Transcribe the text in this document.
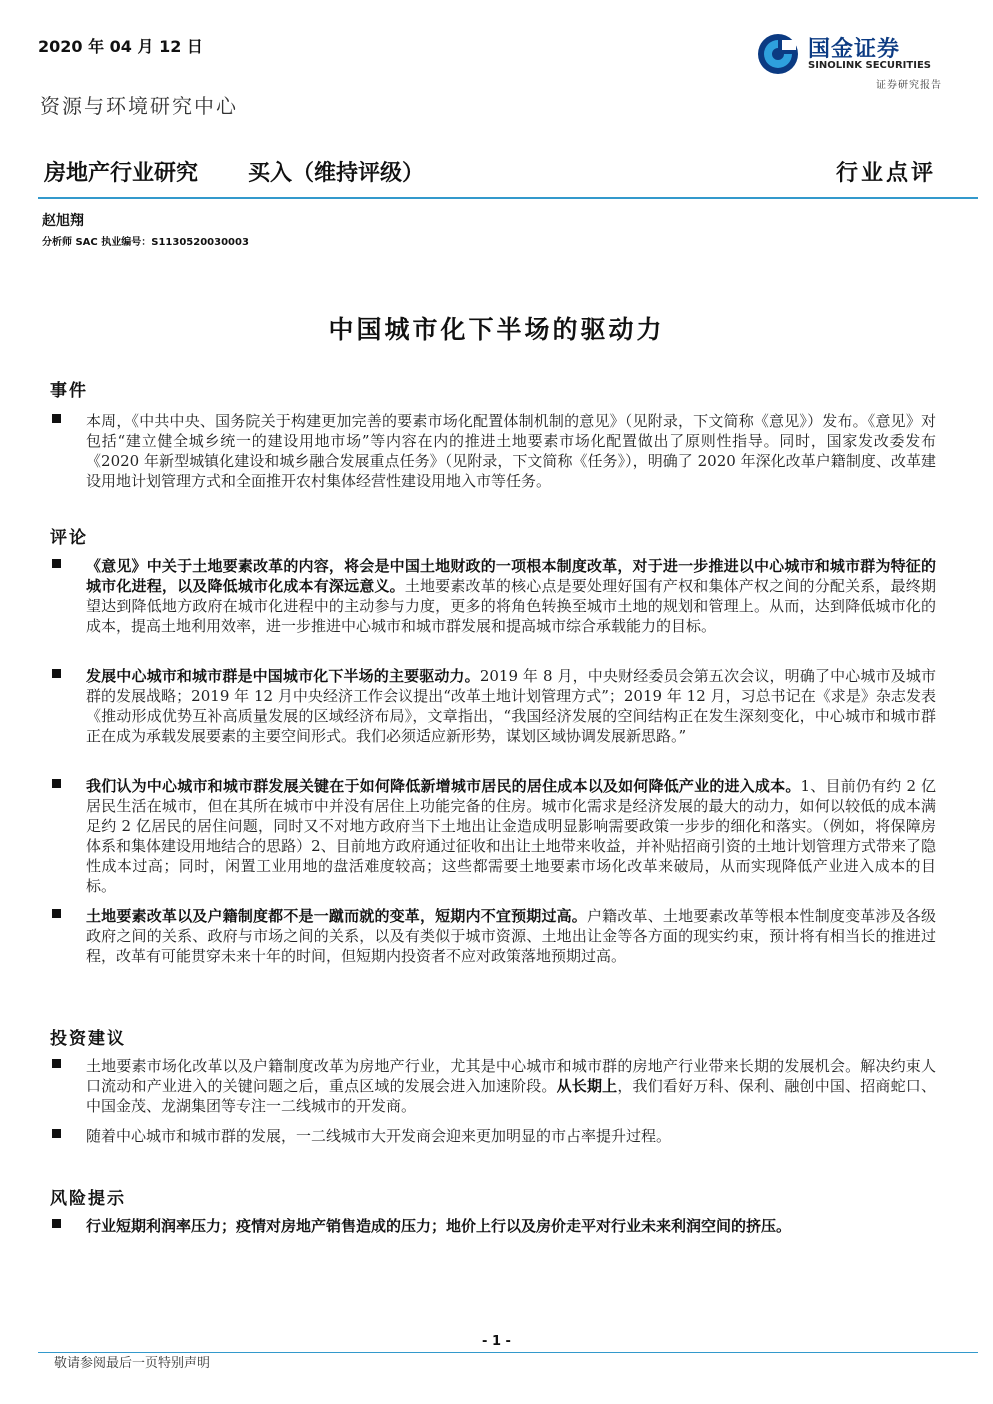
2020 年 04 月 12 日	国金证券
SINOLINK SECURITIES
证券研究报告
资源与环境研究中心
房地产行业研究 买入（维持评级）	行业点评
赵旭翔
分析师 SAC 执业编号：S1130520030003
中国城市化下半场的驱动力
事件
本周，《中共中央、国务院关于构建更加完善的要素市场化配置体制机制的意见》（见附录，下文简称《意见》）发布。《意见》对包括“建立健全城乡统一的建设用地市场”等内容在内的推进土地要素市场化配置做出了原则性指导。同时，国家发改委发布《2020 年新型城镇化建设和城乡融合发展重点任务》（见附录，下文简称《任务》），明确了 2020 年深化改革户籍制度、改革建设用地计划管理方式和全面推开农村集体经营性建设用地入市等任务。
评论
《意见》中关于土地要素改革的内容，将会是中国土地财政的一项根本制度改革，对于进一步推进以中心城市和城市群为特征的城市化进程，以及降低城市化成本有深远意义。土地要素改革的核心点是要处理好国有产权和集体产权之间的分配关系，最终期望达到降低地方政府在城市化进程中的主动参与力度，更多的将角色转换至城市土地的规划和管理上。从而，达到降低城市化的成本，提高土地利用效率，进一步推进中心城市和城市群发展和提高城市综合承载能力的目标。
发展中心城市和城市群是中国城市化下半场的主要驱动力。2019 年 8 月，中央财经委员会第五次会议，明确了中心城市及城市群的发展战略；2019 年 12 月中央经济工作会议提出“改革土地计划管理方式”；2019 年 12 月，习总书记在《求是》杂志发表《推动形成优势互补高质量发展的区域经济布局》，文章指出，“我国经济发展的空间结构正在发生深刻变化，中心城市和城市群正在成为承载发展要素的主要空间形式。我们必须适应新形势，谋划区域协调发展新思路。”
我们认为中心城市和城市群发展关键在于如何降低新增城市居民的居住成本以及如何降低产业的进入成本。1、目前仍有约 2 亿居民生活在城市，但在其所在城市中并没有居住上功能完备的住房。城市化需求是经济发展的最大的动力，如何以较低的成本满足约 2 亿居民的居住问题，同时又不对地方政府当下土地出让金造成明显影响需要政策一步步的细化和落实。（例如，将保障房体系和集体建设用地结合的思路）2、目前地方政府通过征收和出让土地带来收益，并补贴招商引资的土地计划管理方式带来了隐性成本过高；同时，闲置工业用地的盘活难度较高；这些都需要土地要素市场化改革来破局，从而实现降低产业进入成本的目标。
土地要素改革以及户籍制度都不是一蹴而就的变革，短期内不宜预期过高。户籍改革、土地要素改革等根本性制度变革涉及各级政府之间的关系、政府与市场之间的关系，以及有类似于城市资源、土地出让金等各方面的现实约束，预计将有相当长的推进过程，改革有可能贯穿未来十年的时间，但短期内投资者不应对政策落地预期过高。
投资建议
土地要素市场化改革以及户籍制度改革为房地产行业，尤其是中心城市和城市群的房地产行业带来长期的发展机会。解决约束人口流动和产业进入的关键问题之后，重点区域的发展会进入加速阶段。从长期上，我们看好万科、保利、融创中国、招商蛇口、中国金茂、龙湖集团等专注一二线城市的开发商。
随着中心城市和城市群的发展，一二线城市大开发商会迎来更加明显的市占率提升过程。
风险提示
行业短期利润率压力；疫情对房地产销售造成的压力；地价上行以及房价走平对行业未来利润空间的挤压。
- 1 -
敬请参阅最后一页特别声明
